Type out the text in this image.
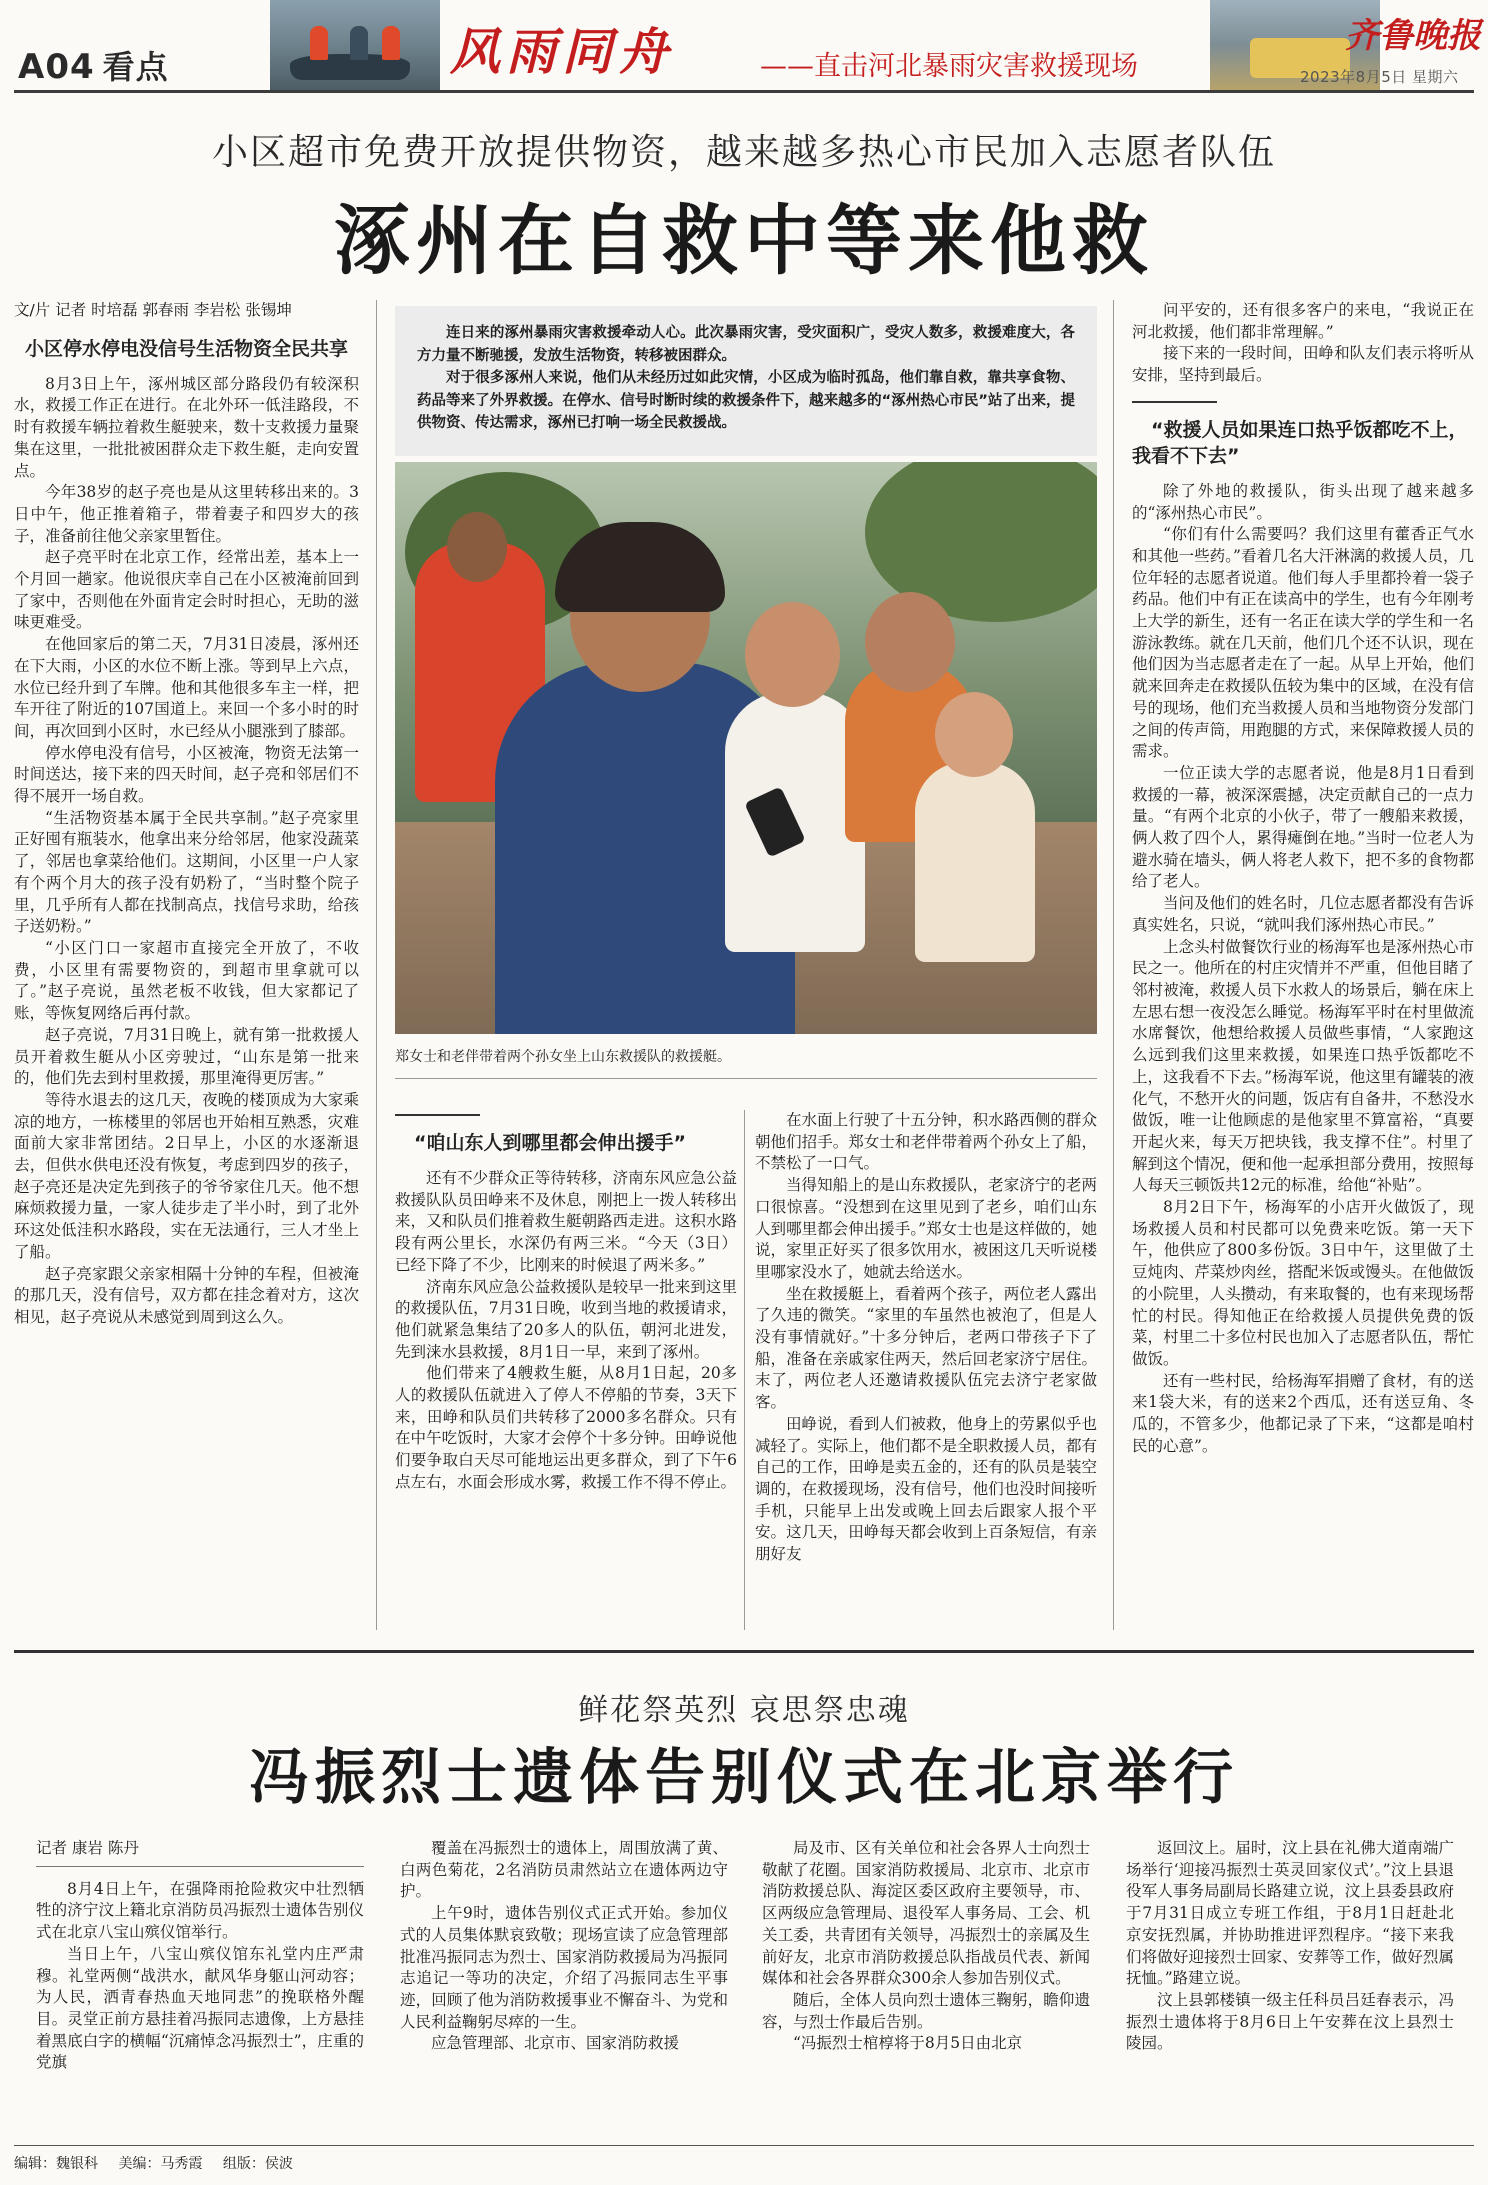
A04 看点	风雨同舟	——直击河北暴雨灾害救援现场
齐鲁晚报
2023年8月5日 星期六
小区超市免费开放提供物资，越来越多热心市民加入志愿者队伍
涿州在自救中等来他救

文/片 记者 时培磊 郭春雨 李岩松 张锡坤

小区停水停电没信号生活物资全民共享

8月3日上午，涿州城区部分路段仍有较深积水，救援工作正在进行。在北外环一低洼路段，不时有救援车辆拉着救生艇驶来，数十支救援力量聚集在这里，一批批被困群众走下救生艇，走向安置点。

今年38岁的赵子亮也是从这里转移出来的。3日中午，他正推着箱子，带着妻子和四岁大的孩子，准备前往他父亲家里暂住。

赵子亮平时在北京工作，经常出差，基本上一个月回一趟家。他说很庆幸自己在小区被淹前回到了家中，否则他在外面肯定会时时担心，无助的滋味更难受。

在他回家后的第二天，7月31日凌晨，涿州还在下大雨，小区的水位不断上涨。等到早上六点，水位已经升到了车牌。他和其他很多车主一样，把车开往了附近的107国道上。来回一个多小时的时间，再次回到小区时，水已经从小腿涨到了膝部。

停水停电没有信号，小区被淹，物资无法第一时间送达，接下来的四天时间，赵子亮和邻居们不得不展开一场自救。

“生活物资基本属于全民共享制。”赵子亮家里正好囤有瓶装水，他拿出来分给邻居，他家没蔬菜了，邻居也拿菜给他们。这期间，小区里一户人家有个两个月大的孩子没有奶粉了，“当时整个院子里，几乎所有人都在找制高点，找信号求助，给孩子送奶粉。”

“小区门口一家超市直接完全开放了，不收费，小区里有需要物资的，到超市里拿就可以了。”赵子亮说，虽然老板不收钱，但大家都记了账，等恢复网络后再付款。

赵子亮说，7月31日晚上，就有第一批救援人员开着救生艇从小区旁驶过，“山东是第一批来的，他们先去到村里救援，那里淹得更厉害。”

等待水退去的这几天，夜晚的楼顶成为大家乘凉的地方，一栋楼里的邻居也开始相互熟悉，灾难面前大家非常团结。2日早上，小区的水逐渐退去，但供水供电还没有恢复，考虑到四岁的孩子，赵子亮还是决定先到孩子的爷爷家住几天。他不想麻烦救援力量，一家人徒步走了半小时，到了北外环这处低洼积水路段，实在无法通行，三人才坐上了船。

赵子亮家跟父亲家相隔十分钟的车程，但被淹的那几天，没有信号，双方都在挂念着对方，这次相见，赵子亮说从未感觉到周到这么久。

连日来的涿州暴雨灾害救援牵动人心。此次暴雨灾害，受灾面积广，受灾人数多，救援难度大，各方力量不断驰援，发放生活物资，转移被困群众。

对于很多涿州人来说，他们从未经历过如此灾情，小区成为临时孤岛，他们靠自救，靠共享食物、药品等来了外界救援。在停水、信号时断时续的救援条件下，越来越多的“涿州热心市民”站了出来，提供物资、传达需求，涿州已打响一场全民救援战。

郑女士和老伴带着两个孙女坐上山东救援队的救援艇。
“咱山东人到哪里都会伸出援手”

还有不少群众正等待转移，济南东风应急公益救援队队员田峥来不及休息，刚把上一拨人转移出来，又和队员们推着救生艇朝路西走进。这积水路段有两公里长，水深仍有两三米。“今天（3日）已经下降了不少，比刚来的时候退了两米多。”

济南东风应急公益救援队是较早一批来到这里的救援队伍，7月31日晚，收到当地的救援请求，他们就紧急集结了20多人的队伍，朝河北进发，先到涞水县救援，8月1日一早，来到了涿州。

他们带来了4艘救生艇，从8月1日起，20多人的救援队伍就进入了停人不停船的节奏，3天下来，田峥和队员们共转移了2000多名群众。只有在中午吃饭时，大家才会停个十多分钟。田峥说他们要争取白天尽可能地运出更多群众，到了下午6点左右，水面会形成水雾，救援工作不得不停止。

在水面上行驶了十五分钟，积水路西侧的群众朝他们招手。郑女士和老伴带着两个孙女上了船，不禁松了一口气。

当得知船上的是山东救援队，老家济宁的老两口很惊喜。“没想到在这里见到了老乡，咱们山东人到哪里都会伸出援手。”郑女士也是这样做的，她说，家里正好买了很多饮用水，被困这几天听说楼里哪家没水了，她就去给送水。

坐在救援艇上，看着两个孩子，两位老人露出了久违的微笑。“家里的车虽然也被泡了，但是人没有事情就好。”十多分钟后，老两口带孩子下了船，准备在亲戚家住两天，然后回老家济宁居住。末了，两位老人还邀请救援队伍完去济宁老家做客。

田峥说，看到人们被救，他身上的劳累似乎也减轻了。实际上，他们都不是全职救援人员，都有自己的工作，田峥是卖五金的，还有的队员是装空调的，在救援现场，没有信号，他们也没时间接听手机，只能早上出发或晚上回去后跟家人报个平安。这几天，田峥每天都会收到上百条短信，有亲朋好友

问平安的，还有很多客户的来电，“我说正在河北救援，他们都非常理解。”

接下来的一段时间，田峥和队友们表示将听从安排，坚持到最后。

“救援人员如果连口热乎饭都吃不上，我看不下去”

除了外地的救援队，街头出现了越来越多的“涿州热心市民”。

“你们有什么需要吗？我们这里有藿香正气水和其他一些药。”看着几名大汗淋漓的救援人员，几位年轻的志愿者说道。他们每人手里都拎着一袋子药品。他们中有正在读高中的学生，也有今年刚考上大学的新生，还有一名正在读大学的学生和一名游泳教练。就在几天前，他们几个还不认识，现在他们因为当志愿者走在了一起。从早上开始，他们就来回奔走在救援队伍较为集中的区域，在没有信号的现场，他们充当救援人员和当地物资分发部门之间的传声筒，用跑腿的方式，来保障救援人员的需求。

一位正读大学的志愿者说，他是8月1日看到救援的一幕，被深深震撼，决定贡献自己的一点力量。“有两个北京的小伙子，带了一艘船来救援，俩人救了四个人，累得瘫倒在地。”当时一位老人为避水骑在墙头，俩人将老人救下，把不多的食物都给了老人。

当问及他们的姓名时，几位志愿者都没有告诉真实姓名，只说，“就叫我们涿州热心市民。”

上念头村做餐饮行业的杨海军也是涿州热心市民之一。他所在的村庄灾情并不严重，但他目睹了邻村被淹，救援人员下水救人的场景后，躺在床上左思右想一夜没怎么睡觉。杨海军平时在村里做流水席餐饮，他想给救援人员做些事情，“人家跑这么远到我们这里来救援，如果连口热乎饭都吃不上，这我看不下去。”杨海军说，他这里有罐装的液化气，不愁开火的问题，饭店有自备井，不愁没水做饭，唯一让他顾虑的是他家里不算富裕，“真要开起火来，每天万把块钱，我支撑不住”。村里了解到这个情况，便和他一起承担部分费用，按照每人每天三顿饭共12元的标准，给他“补贴”。

8月2日下午，杨海军的小店开火做饭了，现场救援人员和村民都可以免费来吃饭。第一天下午，他供应了800多份饭。3日中午，这里做了土豆炖肉、芹菜炒肉丝，搭配米饭或馒头。在他做饭的小院里，人头攒动，有来取餐的，也有来现场帮忙的村民。得知他正在给救援人员提供免费的饭菜，村里二十多位村民也加入了志愿者队伍，帮忙做饭。

还有一些村民，给杨海军捐赠了食材，有的送来1袋大米，有的送来2个西瓜，还有送豆角、冬瓜的，不管多少，他都记录了下来，“这都是咱村民的心意”。

鲜花祭英烈 哀思祭忠魂
冯振烈士遗体告别仪式在北京举行

记者 康岩 陈丹

8月4日上午，在强降雨抢险救灾中壮烈牺牲的济宁汶上籍北京消防员冯振烈士遗体告别仪式在北京八宝山殡仪馆举行。

当日上午，八宝山殡仪馆东礼堂内庄严肃穆。礼堂两侧“战洪水，献风华身躯山河动容；为人民，洒青春热血天地同悲”的挽联格外醒目。灵堂正前方悬挂着冯振同志遗像，上方悬挂着黑底白字的横幅“沉痛悼念冯振烈士”，庄重的党旗

覆盖在冯振烈士的遗体上，周围放满了黄、白两色菊花，2名消防员肃然站立在遗体两边守护。

上午9时，遗体告别仪式正式开始。参加仪式的人员集体默哀致敬；现场宣读了应急管理部批准冯振同志为烈士、国家消防救援局为冯振同志追记一等功的决定，介绍了冯振同志生平事迹，回顾了他为消防救援事业不懈奋斗、为党和人民利益鞠躬尽瘁的一生。

应急管理部、北京市、国家消防救援

局及市、区有关单位和社会各界人士向烈士敬献了花圈。国家消防救援局、北京市、北京市消防救援总队、海淀区委区政府主要领导，市、区两级应急管理局、退役军人事务局、工会、机关工委，共青团有关领导，冯振烈士的亲属及生前好友，北京市消防救援总队指战员代表、新闻媒体和社会各界群众300余人参加告别仪式。

随后，全体人员向烈士遗体三鞠躬，瞻仰遗容，与烈士作最后告别。

“冯振烈士棺椁将于8月5日由北京

返回汶上。届时，汶上县在礼佛大道南端广场举行‘迎接冯振烈士英灵回家仪式’。”汶上县退役军人事务局副局长路建立说，汶上县委县政府于7月31日成立专班工作组，于8月1日赶赴北京安抚烈属，并协助推进评烈程序。“接下来我们将做好迎接烈士回家、安葬等工作，做好烈属抚恤。”路建立说。

汶上县郭楼镇一级主任科员吕廷春表示，冯振烈士遗体将于8月6日上午安葬在汶上县烈士陵园。

编辑：魏银科 美编：马秀霞 组版：侯波
